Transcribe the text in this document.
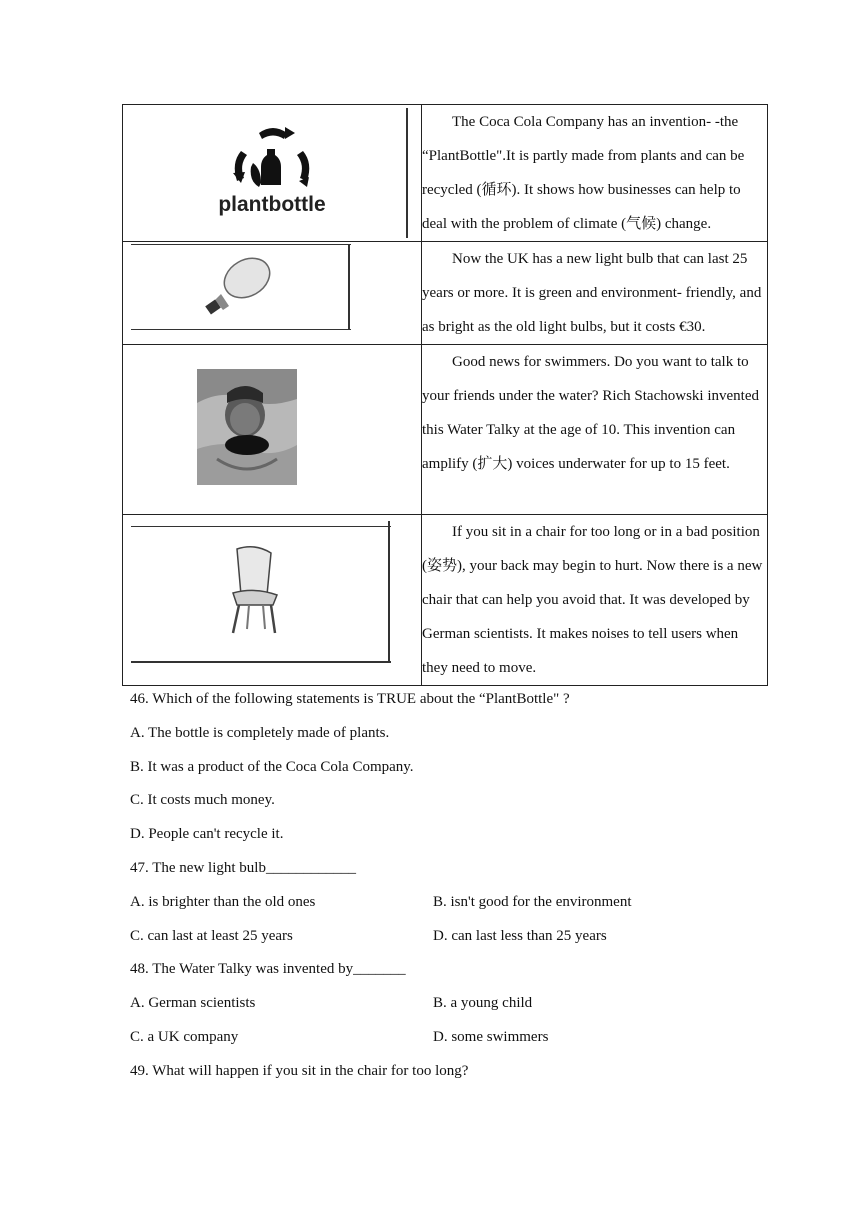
plantbottle	The Coca Cola Company has an invention- -the “PlantBottle".It is partly made from plants and can be recycled (循环). It shows how businesses can help to deal with the problem of climate (气候) change.

Now the UK has a new light bulb that can last 25 years or more. It is green and environment- friendly, and as bright as the old light bulbs, but it costs €30.

Good news for swimmers. Do you want to talk to your friends under the water? Rich Stachowski invented this Water Talky at the age of 10. This invention can amplify (扩大) voices underwater for up to 15 feet.

If you sit in a chair for too long or in a bad position (姿势), your back may begin to hurt. Now there is a new chair that can help you avoid that. It was developed by German scientists. It makes noises to tell users when they need to move.

46. Which of the following statements is TRUE about the “PlantBottle" ?
A. The bottle is completely made of plants.
B. It was a product of the Coca Cola Company.
C. It costs much money.
D. People can't recycle it.
47. The new light bulb____________
A. is brighter than the old ones	B. isn't good for the environment
C. can last at least 25 years	D. can last less than 25 years
48. The Water Talky was invented by_______
A. German scientists	B. a young child
C. a UK company	D. some swimmers
49. What will happen if you sit in the chair for too long?
